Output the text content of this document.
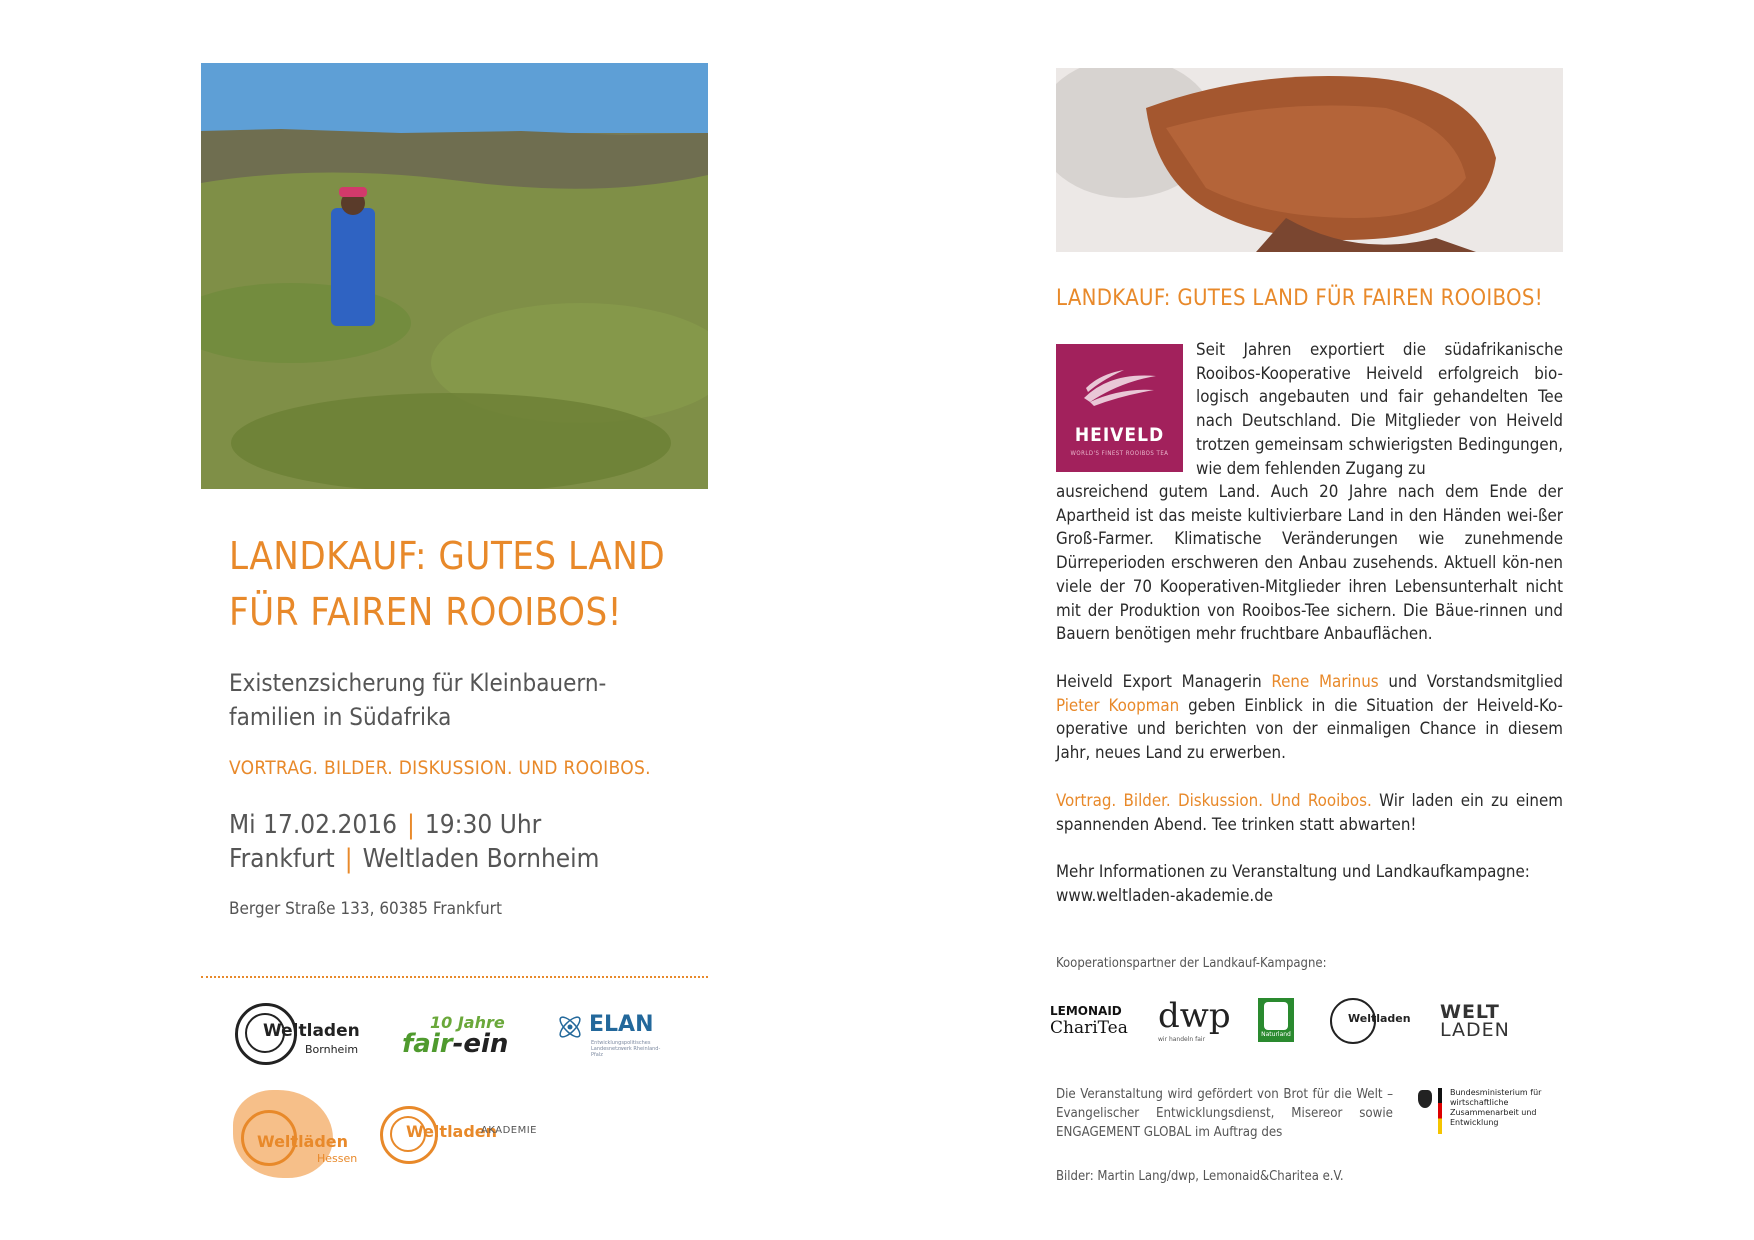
LANDKAUF: GUTES LAND
FÜR FAIREN ROOIBOS!
Existenzsicherung für Kleinbauern-
familien in Südafrika
VORTRAG. BILDER. DISKUSSION. UND ROOIBOS.
Mi 17.02.2016 | 19:30 Uhr
Frankfurt | Weltladen Bornheim
Berger Straße 133, 60385 Frankfurt
Weltladen
Bornheim
10 Jahre
fair-ein
ELAN
Entwicklungspolitisches Landesnetzwerk Rheinland-Pfalz
Weltläden
Hessen
Weltladen
AKADEMIE
LANDKAUF: GUTES LAND FÜR FAIREN ROOIBOS!
HEIVELD
WORLD'S FINEST ROOIBOS TEA
Seit Jahren exportiert die südafrikanische Rooibos-Kooperative Heiveld erfolgreich bio-logisch angebauten und fair gehandelten Tee nach Deutschland. Die Mitglieder von Heiveld trotzen gemeinsam schwierigsten Bedingungen, wie dem fehlenden Zugang zu
ausreichend gutem Land. Auch 20 Jahre nach dem Ende der Apartheid ist das meiste kultivierbare Land in den Händen wei-ßer Groß-Farmer. Klimatische Veränderungen wie zunehmende Dürreperioden erschweren den Anbau zusehends. Aktuell kön-nen viele der 70 Kooperativen-Mitglieder ihren Lebensunterhalt nicht mit der Produktion von Rooibos-Tee sichern. Die Bäue-rinnen und Bauern benötigen mehr fruchtbare Anbauflächen.
Heiveld Export Managerin Rene Marinus und Vorstandsmitglied Pieter Koopman geben Einblick in die Situation der Heiveld-Ko-operative und berichten von der einmaligen Chance in diesem Jahr, neues Land zu erwerben.
Vortrag. Bilder. Diskussion. Und Rooibos. Wir laden ein zu einem spannenden Abend. Tee trinken statt abwarten!
Mehr Informationen zu Veranstaltung und Landkaufkampagne:
www.weltladen-akademie.de
Kooperationspartner der Landkauf-Kampagne:
LEMONAID
ChariTea dwp
wir handeln fair
Naturland
Weltladen WELT
LADEN
Die Veranstaltung wird gefördert von Brot für die Welt – Evangelischer Entwicklungsdienst, Misereor sowie ENGAGEMENT GLOBAL im Auftrag des
Bundesministerium für wirtschaftliche Zusammenarbeit und Entwicklung
Bilder: Martin Lang/dwp, Lemonaid&Charitea e.V.
